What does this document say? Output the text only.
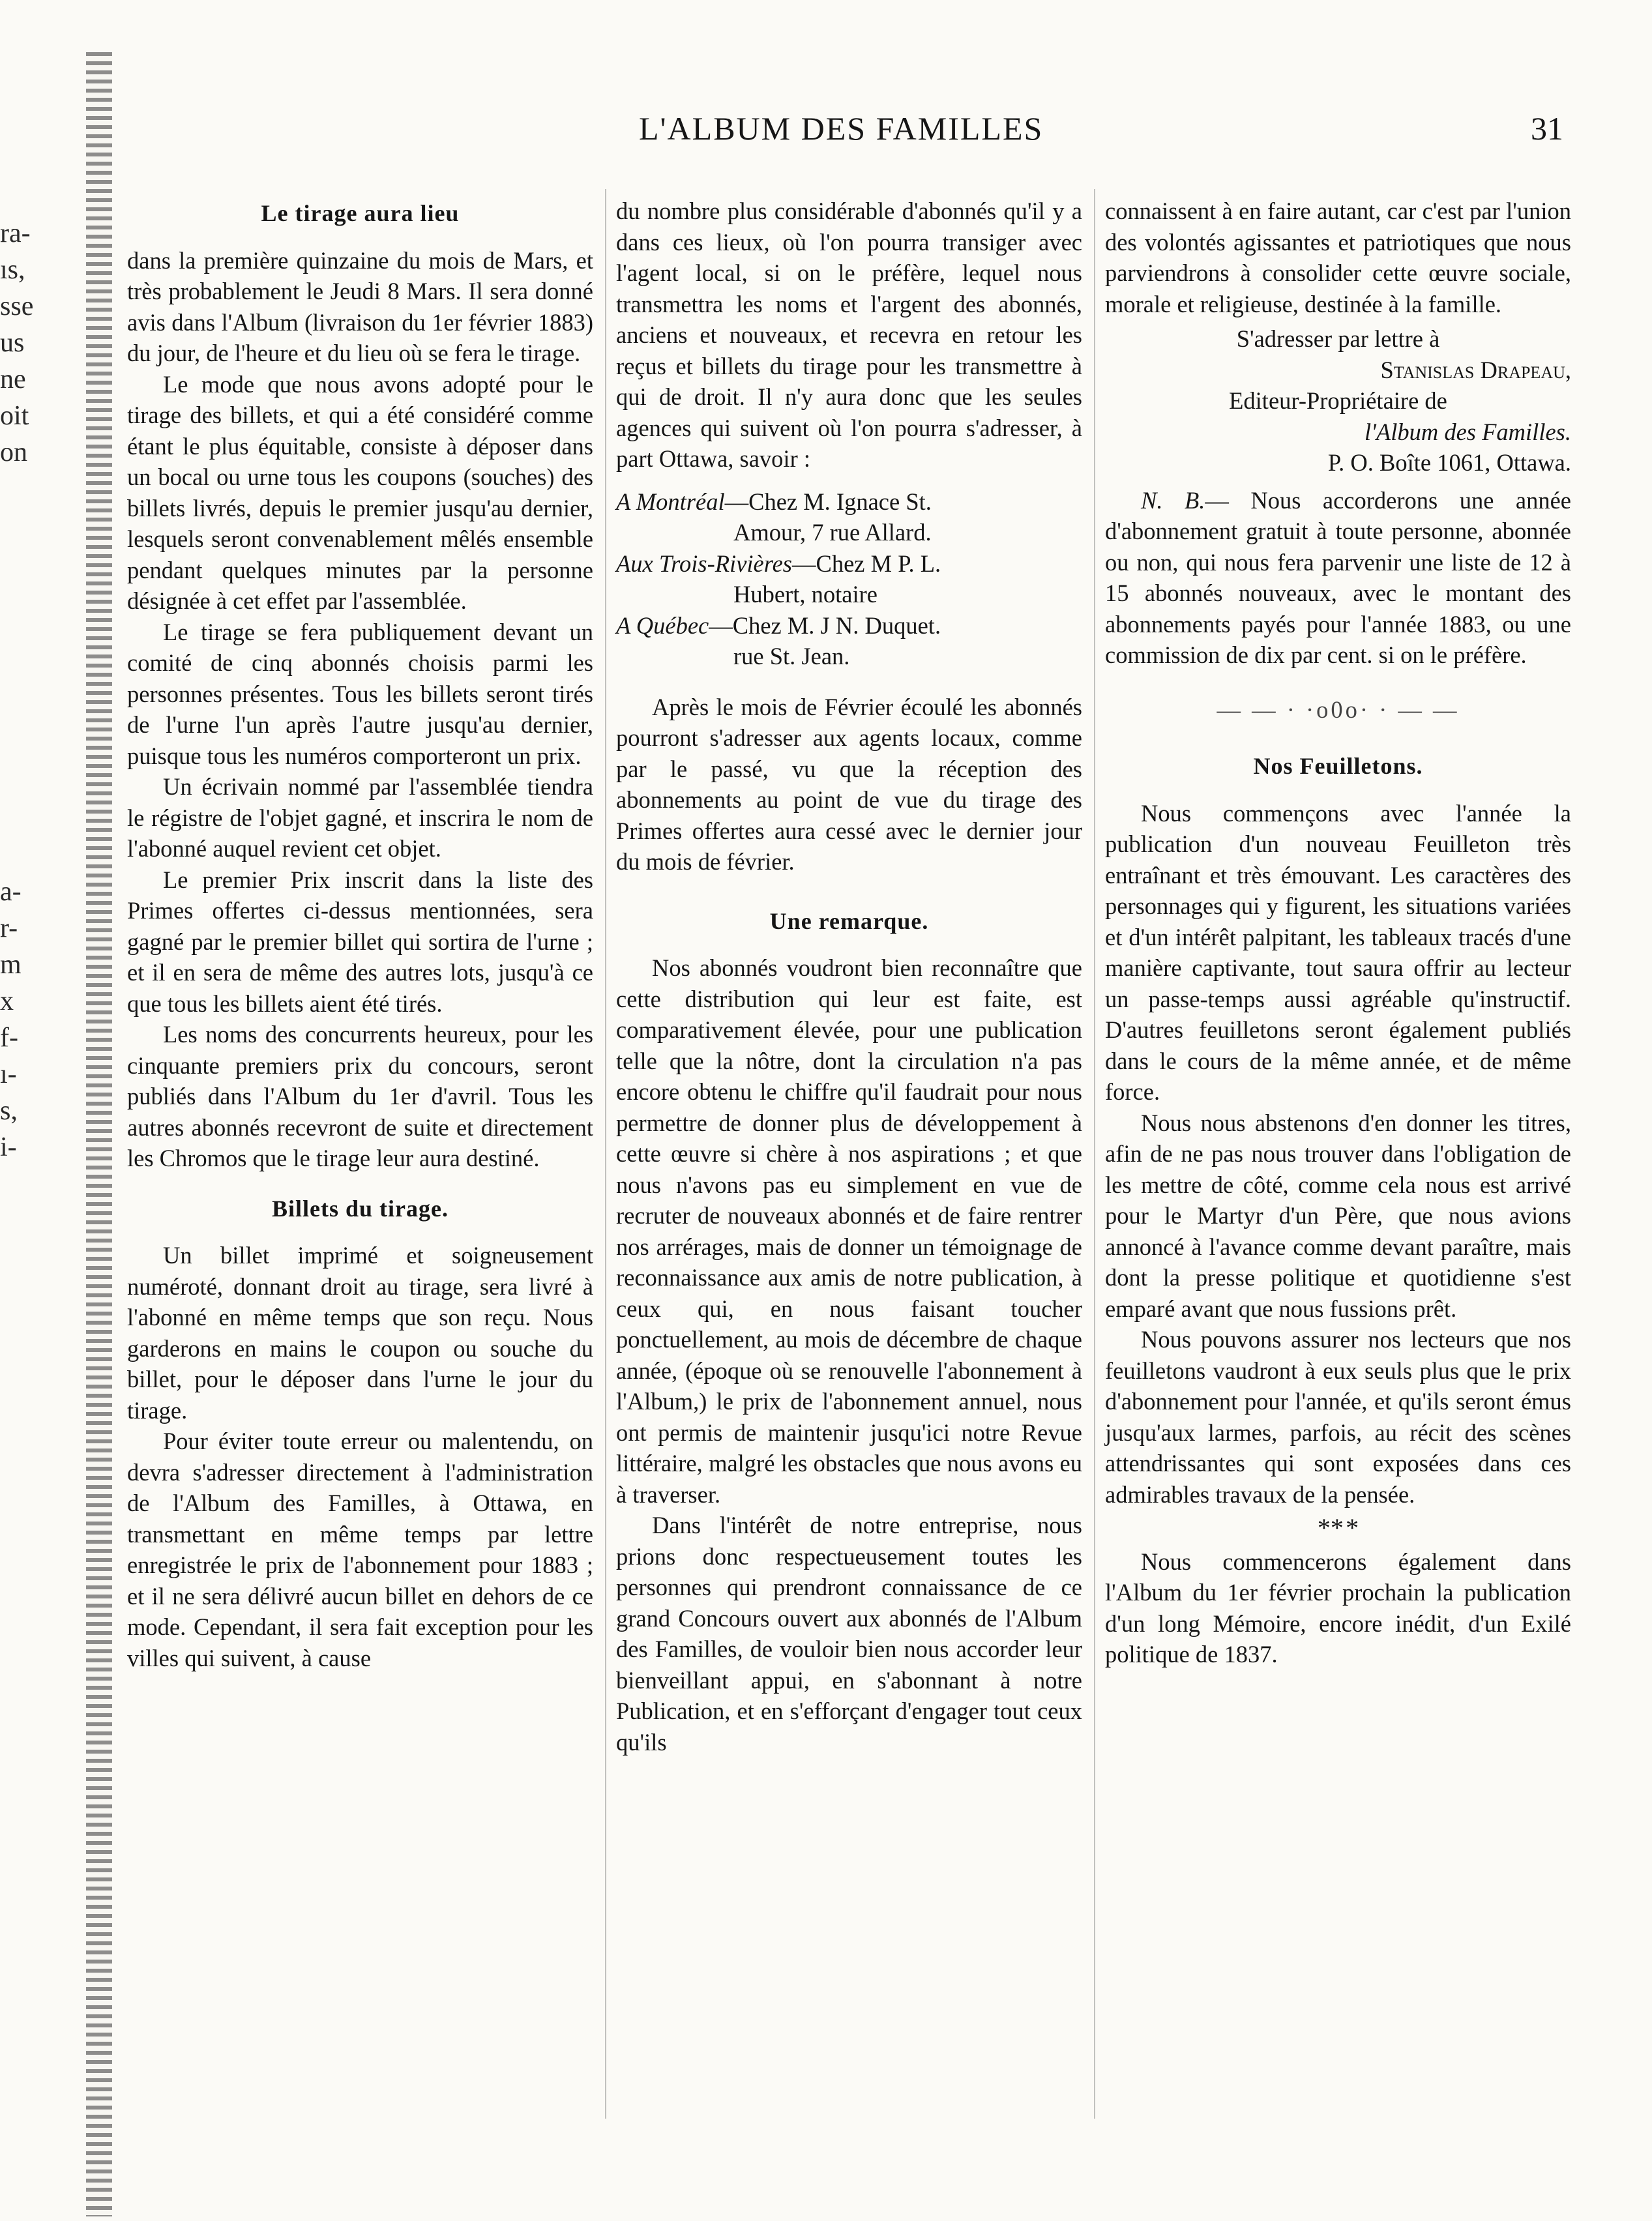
L'ALBUM DES FAMILLES	31
ra-
ıs,
sse
us
ne
oit
on
a-
r-
m
x
f-
ı-
s,
i-
Le tirage aura lieu

dans la première quinzaine du mois de Mars, et très probablement le Jeudi 8 Mars. Il sera donné avis dans l'Album (livraison du 1er février 1883) du jour, de l'heure et du lieu où se fera le tirage.

Le mode que nous avons adopté pour le tirage des billets, et qui a été considéré comme étant le plus équitable, consiste à déposer dans un bocal ou urne tous les coupons (souches) des billets livrés, depuis le premier jusqu'au dernier, lesquels seront convenablement mêlés ensemble pendant quelques minutes par la personne désignée à cet effet par l'assemblée.

Le tirage se fera publiquement devant un comité de cinq abonnés choisis parmi les personnes présentes. Tous les billets seront tirés de l'urne l'un après l'autre jusqu'au dernier, puisque tous les numéros comporteront un prix.

Un écrivain nommé par l'assemblée tiendra le régistre de l'objet gagné, et inscrira le nom de l'abonné auquel revient cet objet.

Le premier Prix inscrit dans la liste des Primes offertes ci-dessus mentionnées, sera gagné par le premier billet qui sortira de l'urne ; et il en sera de même des autres lots, jusqu'à ce que tous les billets aient été tirés.

Les noms des concurrents heureux, pour les cinquante premiers prix du concours, seront publiés dans l'Album du 1er d'avril. Tous les autres abonnés recevront de suite et directement les Chromos que le tirage leur aura destiné.

Billets du tirage.

Un billet imprimé et soigneusement numéroté, donnant droit au tirage, sera livré à l'abonné en même temps que son reçu. Nous garderons en mains le coupon ou souche du billet, pour le déposer dans l'urne le jour du tirage.

Pour éviter toute erreur ou malentendu, on devra s'adresser directement à l'administration de l'Album des Familles, à Ottawa, en transmettant en même temps par lettre enregistrée le prix de l'abonnement pour 1883 ; et il ne sera délivré aucun billet en dehors de ce mode. Cependant, il sera fait exception pour les villes qui suivent, à cause

du nombre plus considérable d'abonnés qu'il y a dans ces lieux, où l'on pourra transiger avec l'agent local, si on le préfère, lequel nous transmettra les noms et l'argent des abonnés, anciens et nouveaux, et recevra en retour les reçus et billets du tirage pour les transmettre à qui de droit. Il n'y aura donc que les seules agences qui suivent où l'on pourra s'adresser, à part Ottawa, savoir :

A Montréal—Chez M. Ignace St.
Amour, 7 rue Allard.

Aux Trois-Rivières—Chez M P. L.
Hubert, notaire

A Québec—Chez M. J N. Duquet.
rue St. Jean.

Après le mois de Février écoulé les abonnés pourront s'adresser aux agents locaux, comme par le passé, vu que la réception des abonnements au point de vue du tirage des Primes offertes aura cessé avec le dernier jour du mois de février.

Une remarque.

Nos abonnés voudront bien reconnaître que cette distribution qui leur est faite, est comparativement élevée, pour une publication telle que la nôtre, dont la circulation n'a pas encore obtenu le chiffre qu'il faudrait pour nous permettre de donner plus de développement à cette œuvre si chère à nos aspirations ; et que nous n'avons pas eu simplement en vue de recruter de nouveaux abonnés et de faire rentrer nos arrérages, mais de donner un témoignage de reconnaissance aux amis de notre publication, à ceux qui, en nous faisant toucher ponctuellement, au mois de décembre de chaque année, (époque où se renouvelle l'abonnement à l'Album,) le prix de l'abonnement annuel, nous ont permis de maintenir jusqu'ici notre Revue littéraire, malgré les obstacles que nous avons eu à traverser.

Dans l'intérêt de notre entreprise, nous prions donc respectueusement toutes les personnes qui prendront connaissance de ce grand Concours ouvert aux abonnés de l'Album des Familles, de vouloir bien nous accorder leur bienveillant appui, en s'abonnant à notre Publication, et en s'efforçant d'engager tout ceux qu'ils

connaissent à en faire autant, car c'est par l'union des volontés agissantes et patriotiques que nous parviendrons à consolider cette œuvre sociale, morale et religieuse, destinée à la famille.

S'adresser par lettre à

Stanislas Drapeau,

Editeur-Propriétaire de

l'Album des Familles.

P. O. Boîte 1061, Ottawa.

N. B.— Nous accorderons une année d'abonnement gratuit à toute personne, abonnée ou non, qui nous fera parvenir une liste de 12 à 15 abonnés nouveaux, avec le montant des abonnements payés pour l'année 1883, ou une commission de dix par cent. si on le préfère.

— — · ·o0o· · — —
Nos Feuilletons.

Nous commençons avec l'année la publication d'un nouveau Feuilleton très entraînant et très émouvant. Les caractères des personnages qui y figurent, les situations variées et d'un intérêt palpitant, les tableaux tracés d'une manière captivante, tout saura offrir au lecteur un passe-temps aussi agréable qu'instructif. D'autres feuilletons seront également publiés dans le cours de la même année, et de même force.

Nous nous abstenons d'en donner les titres, afin de ne pas nous trouver dans l'obligation de les mettre de côté, comme cela nous est arrivé pour le Martyr d'un Père, que nous avions annoncé à l'avance comme devant paraître, mais dont la presse politique et quotidienne s'est emparé avant que nous fussions prêt.

Nous pouvons assurer nos lecteurs que nos feuilletons vaudront à eux seuls plus que le prix d'abonnement pour l'année, et qu'ils seront émus jusqu'aux larmes, parfois, au récit des scènes attendrissantes qui sont exposées dans ces admirables travaux de la pensée.

** *

Nous commencerons également dans l'Album du 1er février prochain la publication d'un long Mémoire, encore inédit, d'un Exilé politique de 1837.
